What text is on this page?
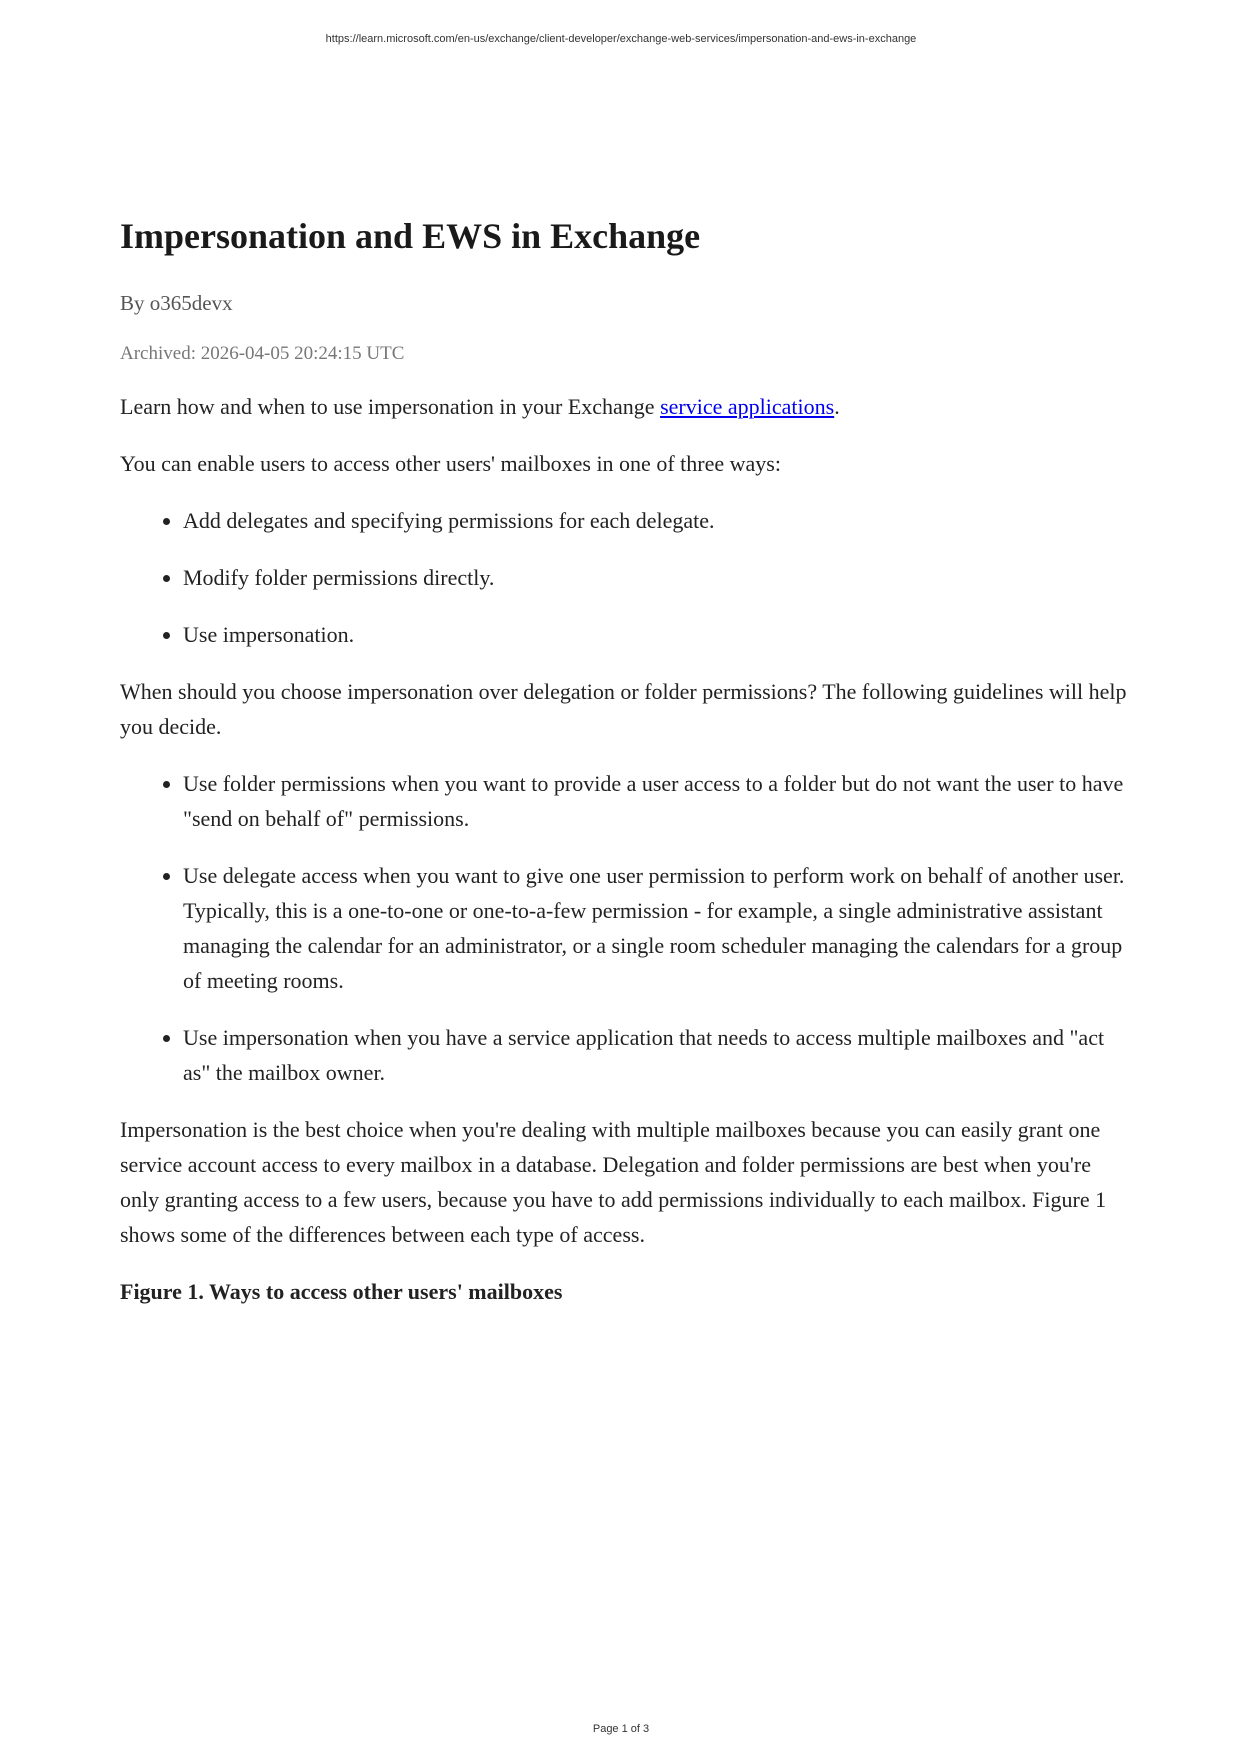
https://learn.microsoft.com/en-us/exchange/client-developer/exchange-web-services/impersonation-and-ews-in-exchange
Impersonation and EWS in Exchange
By o365devx
Archived: 2026-04-05 20:24:15 UTC

Learn how and when to use impersonation in your Exchange service applications.

You can enable users to access other users' mailboxes in one of three ways:

• Add delegates and specifying permissions for each delegate.
• Modify folder permissions directly.
• Use impersonation.

When should you choose impersonation over delegation or folder permissions? The following guidelines will help you decide.

• Use folder permissions when you want to provide a user access to a folder but do not want the user to have "send on behalf of" permissions.
• Use delegate access when you want to give one user permission to perform work on behalf of another user. Typically, this is a one-to-one or one-to-a-few permission - for example, a single administrative assistant managing the calendar for an administrator, or a single room scheduler managing the calendars for a group of meeting rooms.
• Use impersonation when you have a service application that needs to access multiple mailboxes and "act as" the mailbox owner.

Impersonation is the best choice when you're dealing with multiple mailboxes because you can easily grant one service account access to every mailbox in a database. Delegation and folder permissions are best when you're only granting access to a few users, because you have to add permissions individually to each mailbox. Figure 1 shows some of the differences between each type of access.

Figure 1. Ways to access other users' mailboxes

Page 1 of 3
